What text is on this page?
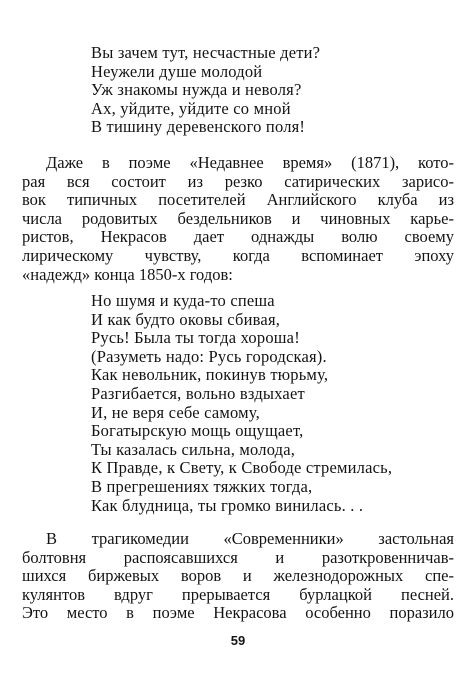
Вы зачем тут, несчастные дети?
Неужели душе молодой
Уж знакомы нужда и неволя?
Ах, уйдите, уйдите со мной
В тишину деревенского поля!

Даже в поэме «Недавнее время» (1871), кото-
рая вся состоит из резко сатирических зарисо-
вок типичных посетителей Английского клуба из
числа родовитых бездельников и чиновных карье-
ристов, Некрасов дает однажды волю своему
лирическому чувству, когда вспоминает эпоху
«надежд» конца 1850-х годов:

Но шумя и куда-то спеша
И как будто оковы сбивая,
Русь! Была ты тогда хороша!
(Разуметь надо: Русь городская).
Как невольник, покинув тюрьму,
Разгибается, вольно вздыхает
И, не веря себе самому,
Богатырскую мощь ощущает,
Ты казалась сильна, молода,
К Правде, к Свету, к Свободе стремилась,
В прегрешениях тяжких тогда,
Как блудница, ты громко винилась. . .

В трагикомедии «Современники» застольная
болтовня распоясавшихся и разоткровенничав-
шихся биржевых воров и железнодорожных спе-
кулянтов вдруг прерывается бурлацкой песней.
Это место в поэме Некрасова особенно поразило

59
